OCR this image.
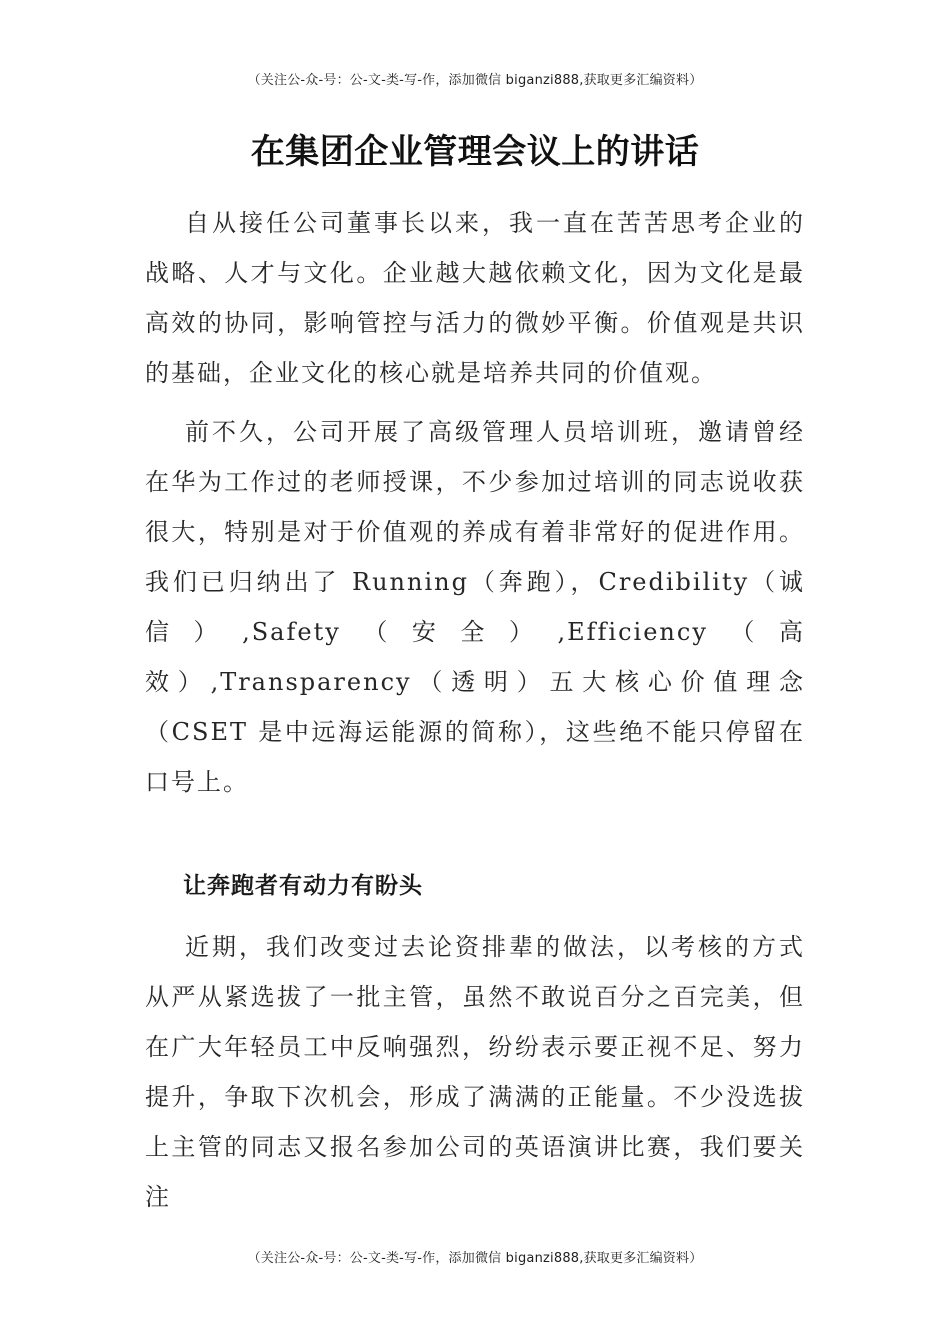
（关注公-众-号：公-文-类-写-作，添加微信 biganzi888,获取更多汇编资料）
在集团企业管理会议上的讲话

自从接任公司董事长以来，我一直在苦苦思考企业的战略、人才与文化。企业越大越依赖文化，因为文化是最高效的协同，影响管控与活力的微妙平衡。价值观是共识的基础，企业文化的核心就是培养共同的价值观。

前不久，公司开展了高级管理人员培训班，邀请曾经在华为工作过的老师授课，不少参加过培训的同志说收获很大，特别是对于价值观的养成有着非常好的促进作用。我们已归纳出了 Running（奔跑），Credibility（诚信）,Safety（安全）,Efficiency（高效）,Transparency（透明）五大核心价值理念（CSET 是中远海运能源的简称），这些绝不能只停留在口号上。

让奔跑者有动力有盼头

近期，我们改变过去论资排辈的做法，以考核的方式从严从紧选拔了一批主管，虽然不敢说百分之百完美，但在广大年轻员工中反响强烈，纷纷表示要正视不足、努力提升，争取下次机会，形成了满满的正能量。不少没选拔上主管的同志又报名参加公司的英语演讲比赛，我们要关注

（关注公-众-号：公-文-类-写-作，添加微信 biganzi888,获取更多汇编资料）
